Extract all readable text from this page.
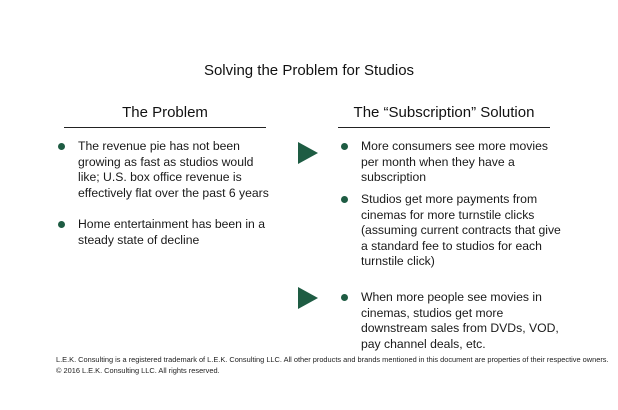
Solving the Problem for Studios
The Problem	The “Subscription” Solution
The revenue pie has not been growing as fast as studios would like; U.S. box office revenue is effectively flat over the past 6 years
Home entertainment has been in a steady state of decline
More consumers see more movies per month when they have a subscription
Studios get more payments from cinemas for more turnstile clicks (assuming current contracts that give a standard fee to studios for each turnstile click)
When more people see movies in cinemas, studios get more downstream sales from DVDs, VOD, pay channel deals, etc.
L.E.K. Consulting is a registered trademark of L.E.K. Consulting LLC. All other products and brands mentioned in this document are properties of their respective owners. © 2016 L.E.K. Consulting LLC. All rights reserved.
